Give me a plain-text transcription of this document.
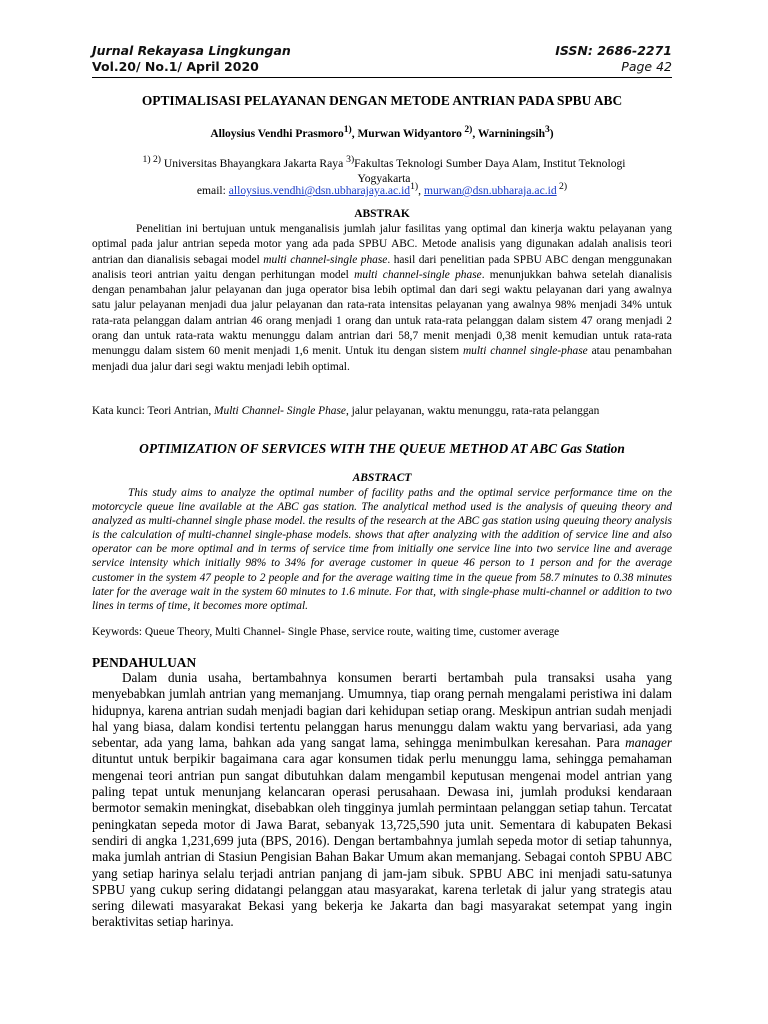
Jurnal Rekayasa Lingkungan	ISSN: 2686-2271
Vol.20/ No.1/ April 2020	Page 42
OPTIMALISASI PELAYANAN DENGAN METODE ANTRIAN PADA SPBU ABC
Alloysius Vendhi Prasmoro$^{1)}$, Murwan Widyantoro $^{2)}$, Warniningsih$^3$)
$^{1) 2)}$ Universitas Bhayangkara Jakarta Raya $^{3)}$Fakultas Teknologi Sumber Daya Alam, Institut Teknologi Yogyakarta
email: $alloysius.vendhi@dsn.ubharajaya.ac.id^{1)}$, murwan@dsn.ubharaja.ac.id $^{2)}$
ABSTRAK

Penelitian ini bertujuan untuk menganalisis jumlah jalur fasilitas yang optimal dan kinerja waktu pelayanan yang optimal pada jalur antrian sepeda motor yang ada pada SPBU ABC. Metode analisis yang digunakan adalah analisis teori antrian dan dianalisis sebagai model multi channel-single phase. hasil dari penelitian pada SPBU ABC dengan menggunakan analisis teori antrian yaitu dengan perhitungan model multi channel-single phase. menunjukkan bahwa setelah dianalisis dengan penambahan jalur pelayanan dan juga operator bisa lebih optimal dan dari segi waktu pelayanan dari yang awalnya satu jalur pelayanan menjadi dua jalur pelayanan dan rata-rata intensitas pelayanan yang awalnya 98% menjadi 34% untuk rata-rata pelanggan dalam antrian 46 orang menjadi 1 orang dan untuk rata-rata pelanggan dalam sistem 47 orang menjadi 2 orang dan untuk rata-rata waktu menunggu dalam antrian dari 58,7 menit menjadi 0,38 menit kemudian untuk rata-rata menunggu dalam sistem 60 menit menjadi 1,6 menit. Untuk itu dengan sistem multi channel single-phase atau penambahan menjadi dua jalur dari segi waktu menjadi lebih optimal.

Kata kunci: Teori Antrian, Multi Channel- Single Phase, jalur pelayanan, waktu menunggu, rata-rata pelanggan
OPTIMIZATION OF SERVICES WITH THE QUEUE METHOD AT ABC Gas Station
ABSTRACT

This study aims to analyze the optimal number of facility paths and the optimal service performance time on the motorcycle queue line available at the ABC gas station. The analytical method used is the analysis of queuing theory and analyzed as multi-channel single phase model. the results of the research at the ABC gas station using queuing theory analysis is the calculation of multi-channel single-phase models. shows that after analyzing with the addition of service line and also operator can be more optimal and in terms of service time from initially one service line into two service line and average service intensity which initially 98% to 34% for average customer in queue 46 person to 1 person and for the average customer in the system 47 people to 2 people and for the average waiting time in the queue from 58.7 minutes to 0.38 minutes later for the average wait in the system 60 minutes to 1.6 minute. For that, with single-phase multi-channel or addition to two lines in terms of time, it becomes more optimal.

Keywords: Queue Theory, Multi Channel- Single Phase, service route, waiting time, customer average
PENDAHULUAN

Dalam dunia usaha, bertambahnya konsumen berarti bertambah pula transaksi usaha yang menyebabkan jumlah antrian yang memanjang. Umumnya, tiap orang pernah mengalami peristiwa ini dalam hidupnya, karena antrian sudah menjadi bagian dari kehidupan setiap orang. Meskipun antrian sudah menjadi hal yang biasa, dalam kondisi tertentu pelanggan harus menunggu dalam waktu yang bervariasi, ada yang sebentar, ada yang lama, bahkan ada yang sangat lama, sehingga menimbulkan keresahan. Para manager dituntut untuk berpikir bagaimana cara agar konsumen tidak perlu menunggu lama, sehingga pemahaman mengenai teori antrian pun sangat dibutuhkan dalam mengambil keputusan mengenai model antrian yang paling tepat untuk menunjang kelancaran operasi perusahaan. Dewasa ini, jumlah produksi kendaraan bermotor semakin meningkat, disebabkan oleh tingginya jumlah permintaan pelanggan setiap tahun. Tercatat peningkatan sepeda motor di Jawa Barat, sebanyak 13,725,590 juta unit. Sementara di kabupaten Bekasi sendiri di angka 1,231,699 juta (BPS, 2016). Dengan bertambahnya jumlah sepeda motor di setiap tahunnya, maka jumlah antrian di Stasiun Pengisian Bahan Bakar Umum akan memanjang. Sebagai contoh SPBU ABC yang setiap harinya selalu terjadi antrian panjang di jam-jam sibuk. SPBU ABC ini menjadi satu-satunya SPBU yang cukup sering didatangi pelanggan atau masyarakat, karena terletak di jalur yang strategis atau sering dilewati masyarakat Bekasi yang bekerja ke Jakarta dan bagi masyarakat setempat yang ingin beraktivitas setiap harinya.
